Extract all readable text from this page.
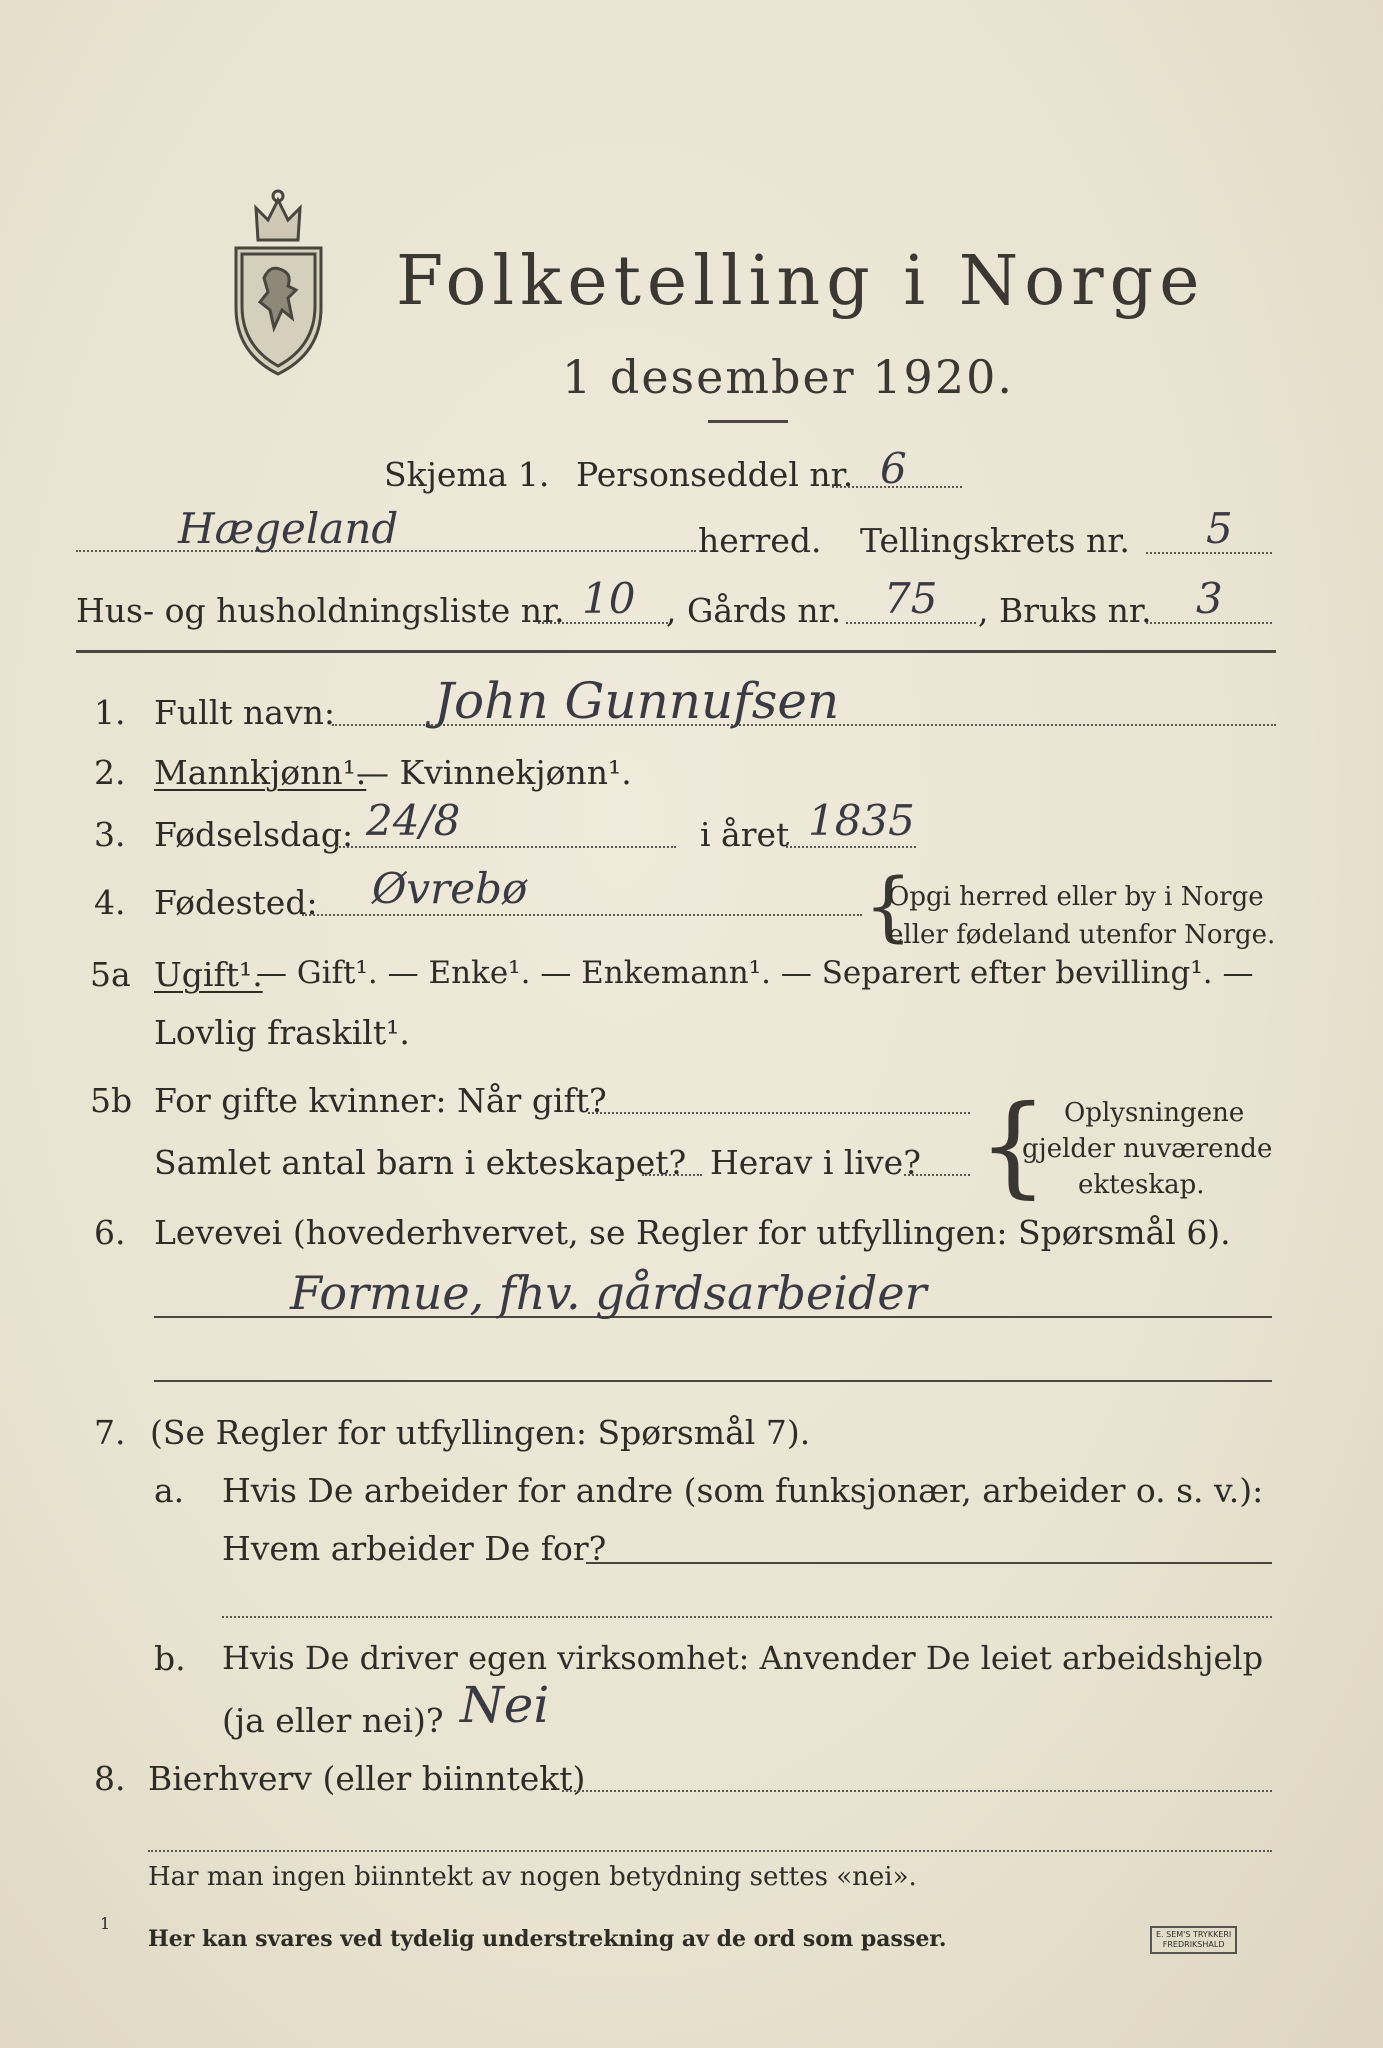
Folketelling i Norge
1 desember 1920.
Skjema 1. Personseddel nr. 6
Hægeland	herred. Tellingskrets nr. 5
Hus- og husholdningsliste nr. 10 , Gårds nr. 75 , Bruks nr. 3
1. Fullt navn: John Gunnufsen
2. Mannkjønn¹.
— Kvinnekjønn¹.
3. Fødselsdag: 24/8	i året 1835
4. Fødested: Øvrebø	{
Opgi herred eller by i Norge
eller fødeland utenfor Norge.
5a Ugift¹.
— Gift¹. — Enke¹. — Enkemann¹. — Separert efter bevilling¹. —
Lovlig fraskilt¹.
5b For gifte kvinner: Når gift?
Samlet antal barn i ekteskapet? Herav i live? { Oplysningene
gjelder nuværende
ekteskap.
6. Levevei (hovederhvervet, se Regler for utfyllingen: Spørsmål 6).
Formue, fhv. gårdsarbeider
7. (Se Regler for utfyllingen: Spørsmål 7).
a. Hvis De arbeider for andre (som funksjonær, arbeider o. s. v.):
Hvem arbeider De for?
b. Hvis De driver egen virksomhet: Anvender De leiet arbeidshjelp
(ja eller nei)? Nei
8. Bierhverv (eller biinntekt)
Har man ingen biinntekt av nogen betydning settes «nei».
1
Her kan svares ved tydelig understrekning av de ord som passer.	E. SEM'S TRYKKERI
FREDRIKSHALD
